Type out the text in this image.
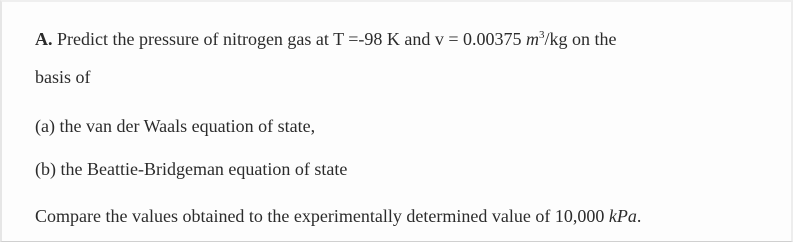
A. Predict the pressure of nitrogen gas at T =-98 K and v = 0.00375 $m^3/kg$ on the
basis of
(a) the van der Waals equation of state,
(b) the Beattie-Bridgeman equation of state
Compare the values obtained to the experimentally determined value of 10,000 kPa.
